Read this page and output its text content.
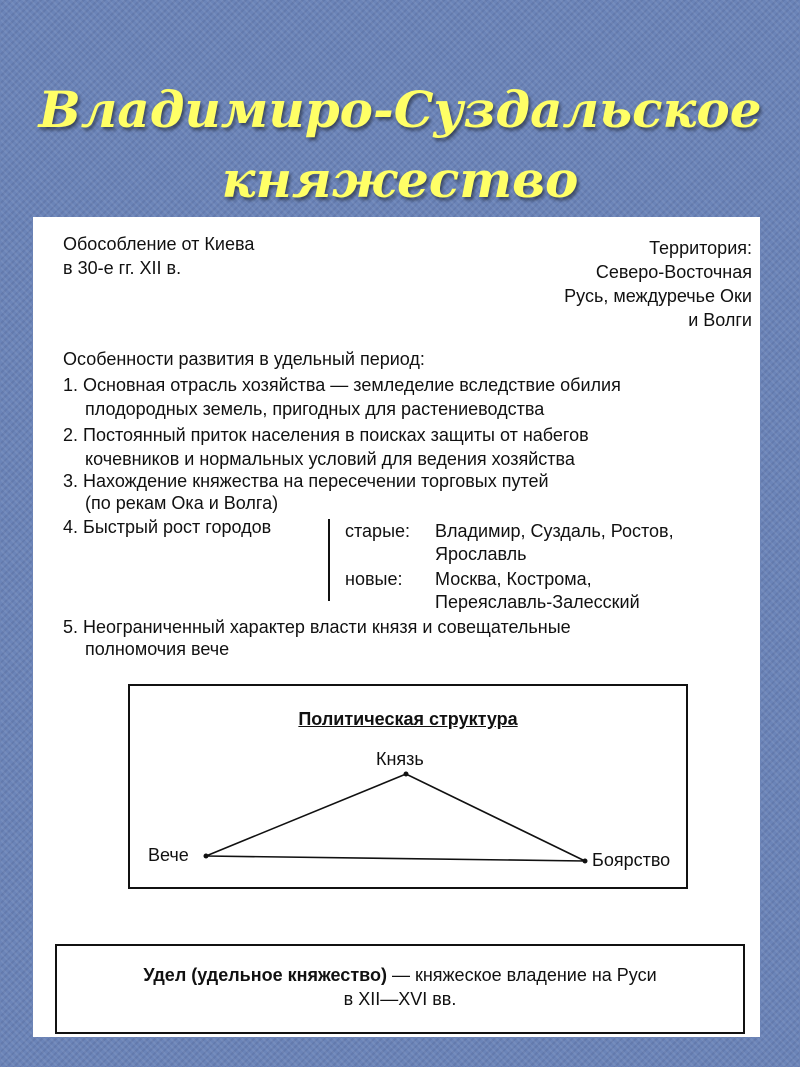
Владимиро-Суздальское
княжество
Обособление от Киева
в 30-е гг. XII в.
Территория:
Северо-Восточная
Русь, междуречье Оки
и Волги
Особенности развития в удельный период:
1. Основная отрасль хозяйства — земледелие вследствие обилия
плодородных земель, пригодных для растениеводства
2. Постоянный приток населения в поисках защиты от набегов
кочевников и нормальных условий для ведения хозяйства
3. Нахождение княжества на пересечении торговых путей
(по рекам Ока и Волга)
4. Быстрый рост городов	старые: Владимир, Суздаль, Ростов,
Ярославль
новые: Москва, Кострома,
Переяславль-Залесский
5. Неограниченный характер власти князя и совещательные
полномочия вече
Политическая структура
Князь
Вече	Боярство
Удел (удельное княжество) — княжеское владение на Руси
в XII—XVI вв.
